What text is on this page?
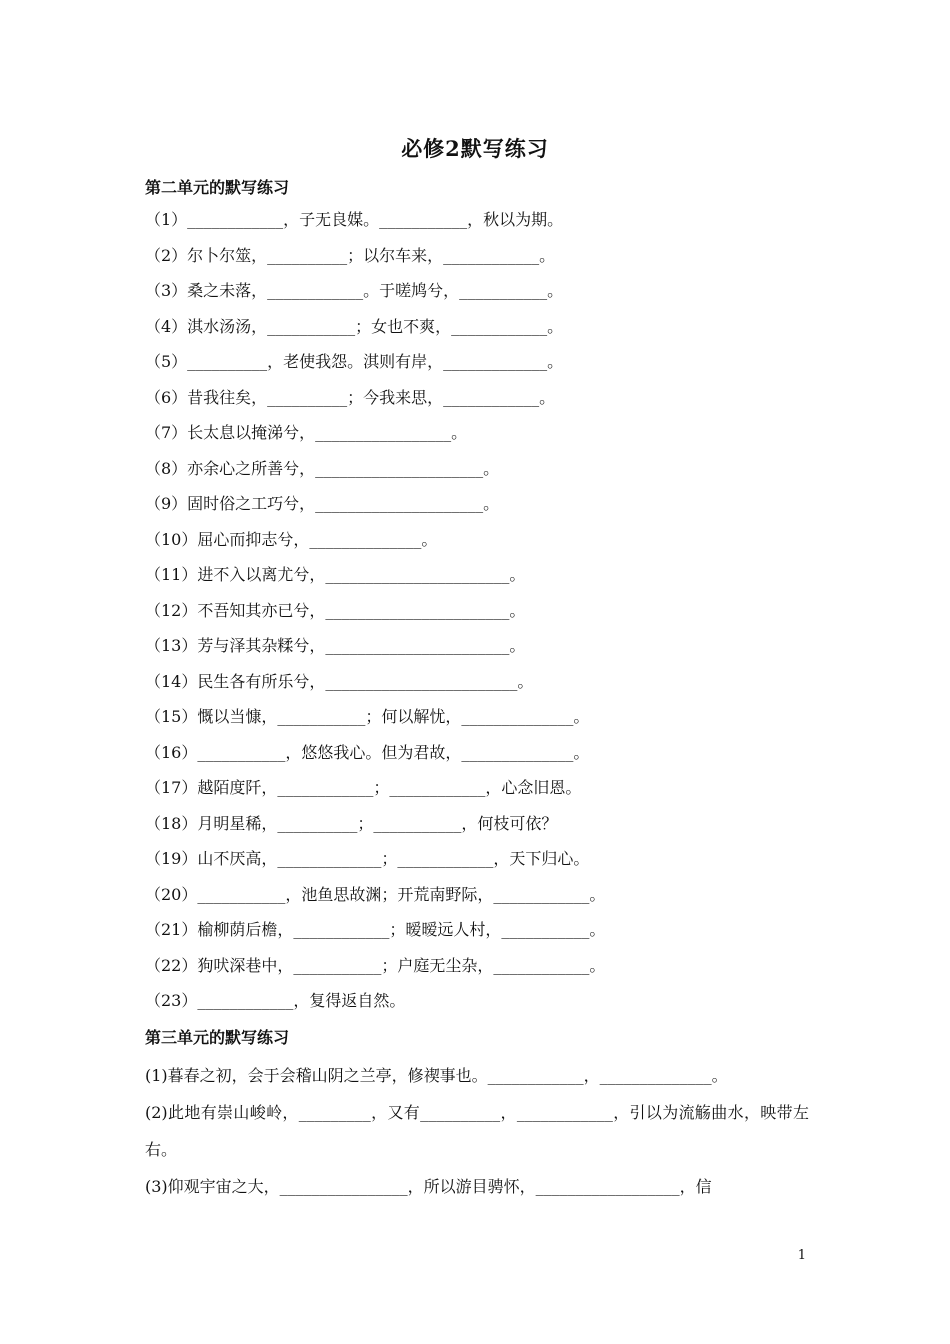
必修2默写练习
第二单元的默写练习
（1）____________，子无良媒。___________，秋以为期。
（2）尔卜尔筮，__________；以尔车来，____________。
（3）桑之未落，____________。于嗟鸠兮，___________。
（4）淇水汤汤，___________；女也不爽，____________。
（5）__________，老使我怨。淇则有岸，_____________。
（6）昔我往矣，__________；今我来思，____________。
（7）长太息以掩涕兮，_________________。
（8）亦余心之所善兮，_____________________。
（9）固时俗之工巧兮，_____________________。
（10）屈心而抑志兮，______________。
（11）进不入以离尤兮，_______________________。
（12）不吾知其亦已兮，_______________________。
（13）芳与泽其杂糅兮，_______________________。
（14）民生各有所乐兮，________________________。
（15）慨以当慷，___________；何以解忧，______________。
（16）___________，悠悠我心。但为君故，______________。
（17）越陌度阡，____________；____________，心念旧恩。
（18）月明星稀，__________；___________，何枝可依？
（19）山不厌高，_____________；____________，天下归心。
（20）___________，池鱼思故渊；开荒南野际，____________。
（21）榆柳荫后檐，____________；暧暧远人村，___________。
（22）狗吠深巷中，___________；户庭无尘杂，____________。
（23）____________，复得返自然。
第三单元的默写练习
(1)暮春之初，会于会稽山阴之兰亭，修禊事也。____________，______________。
(2)此地有崇山峻岭，_________，又有__________，____________，引以为流觞曲水，映带左右。
(3)仰观宇宙之大，________________，所以游目骋怀，__________________，信
1
